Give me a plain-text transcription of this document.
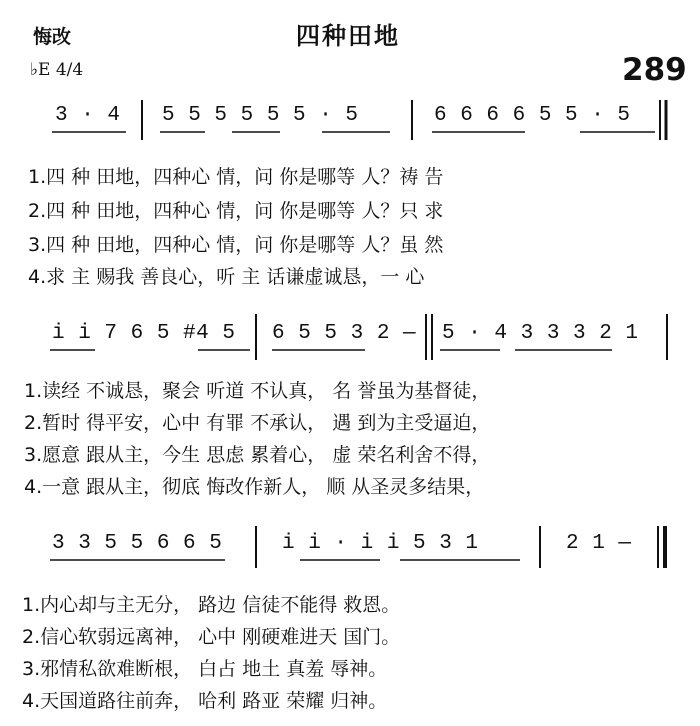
悔改	四种田地
♭E 4/4	289
3 · 4 5 5 5 5 5 5 · 5	6 6 6 6 5 5 · 5
1.四 种 田地，四种心 情，问 你是哪等 人？祷 告
2.四 种 田地，四种心 情，问 你是哪等 人？只 求
3.四 种 田地，四种心 情，问 你是哪等 人？虽 然
4.求 主 赐我 善良心，听 主 话谦虚诚恳，一 心
i i 7 6 5 #4 5 6 5 5 3 2 — 5 · 4 3 3 3 2 1
1.读经 不诚恳，聚会 听道 不认真， 名 誉虽为基督徒，
2.暂时 得平安，心中 有罪 不承认， 遇 到为主受逼迫，
3.愿意 跟从主，今生 思虑 累着心， 虚 荣名利舍不得，
4.一意 跟从主，彻底 悔改作新人， 顺 从圣灵多结果，
3 3 5 5 6 6 5	i i · i i 5 3 1	2 1 —
1.内心却与主无分， 路边 信徒不能得 救恩。
2.信心软弱远离神， 心中 刚硬难进天 国门。
3.邪情私欲难断根， 白占 地土 真羞 辱神。
4.天国道路往前奔， 哈利 路亚 荣耀 归神。
